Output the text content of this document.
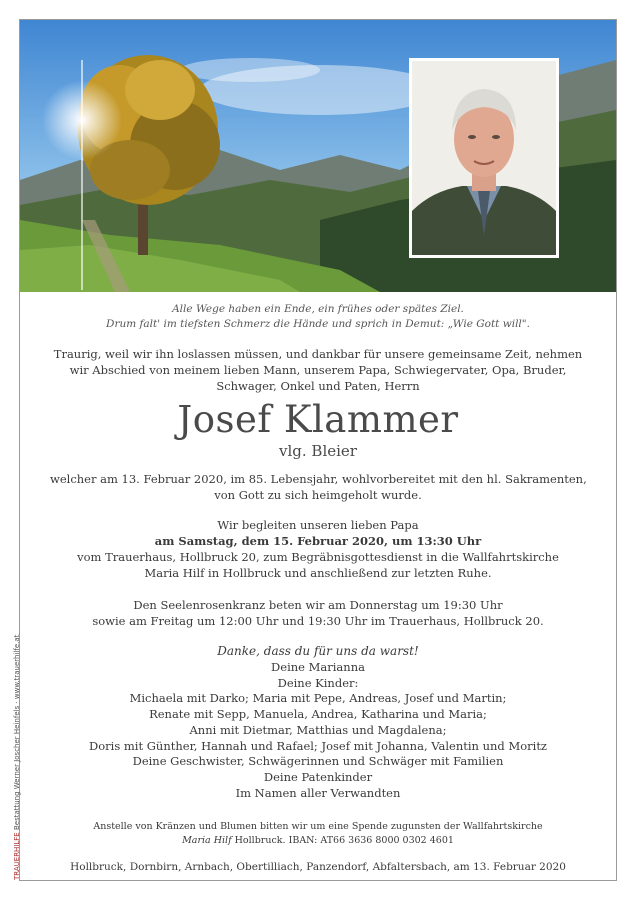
TRAUERHILFE Bestattung Werner Joscher Heinfels · www.trauerhilfe.at
Alle Wege haben ein Ende, ein frühes oder spätes Ziel.
Drum falt' im tiefsten Schmerz die Hände und sprich in Demut: „Wie Gott will".
Traurig, weil wir ihn loslassen müssen, und dankbar für unsere gemeinsame Zeit, nehmen
wir Abschied von meinem lieben Mann, unserem Papa, Schwiegervater, Opa, Bruder,
Schwager, Onkel und Paten, Herrn
Josef Klammer
vlg. Bleier
welcher am 13. Februar 2020, im 85. Lebensjahr, wohlvorbereitet mit den hl. Sakramenten,
von Gott zu sich heimgeholt wurde.
Wir begleiten unseren lieben Papa
am Samstag, dem 15. Februar 2020, um 13:30 Uhr
vom Trauerhaus, Hollbruck 20, zum Begräbnisgottesdienst in die Wallfahrtskirche
Maria Hilf in Hollbruck und anschließend zur letzten Ruhe.
Den Seelenrosenkranz beten wir am Donnerstag um 19:30 Uhr
sowie am Freitag um 12:00 Uhr und 19:30 Uhr im Trauerhaus, Hollbruck 20.
Danke, dass du für uns da warst!
Deine Marianna
Deine Kinder:
Michaela mit Darko; Maria mit Pepe, Andreas, Josef und Martin;
Renate mit Sepp, Manuela, Andrea, Katharina und Maria;
Anni mit Dietmar, Matthias und Magdalena;
Doris mit Günther, Hannah und Rafael; Josef mit Johanna, Valentin und Moritz
Deine Geschwister, Schwägerinnen und Schwäger mit Familien
Deine Patenkinder
Im Namen aller Verwandten
Anstelle von Kränzen und Blumen bitten wir um eine Spende zugunsten der Wallfahrtskirche
Maria Hilf Hollbruck. IBAN: AT66 3636 8000 0302 4601
Hollbruck, Dornbirn, Arnbach, Obertilliach, Panzendorf, Abfaltersbach, am 13. Februar 2020
